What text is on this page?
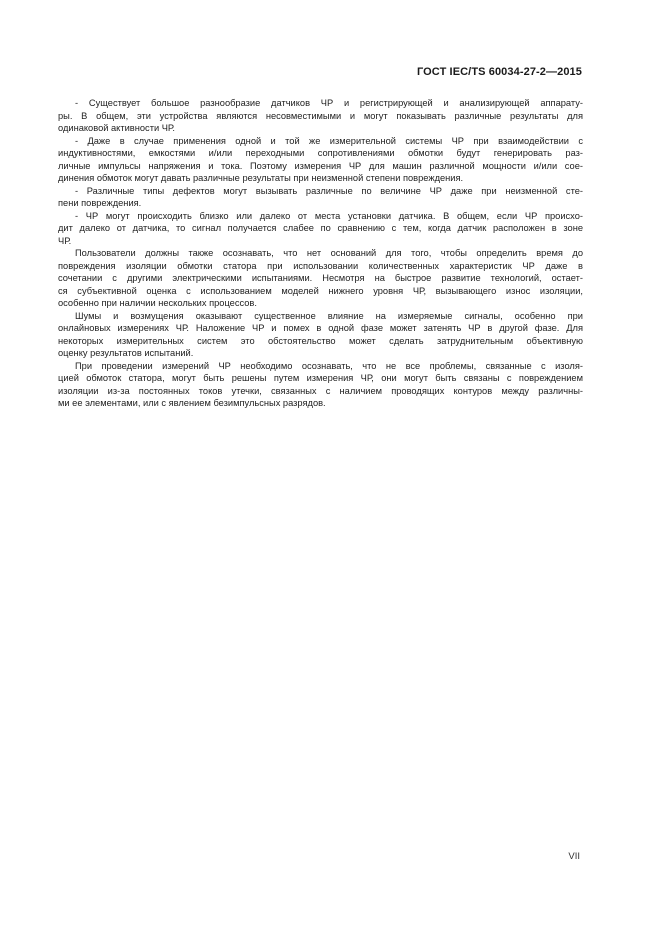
ГОСТ IEC/TS 60034-27-2—2015
- Существует большое разнообразие датчиков ЧР и регистрирующей и анализирующей аппарату-
ры. В общем, эти устройства являются несовместимыми и могут показывать различные результаты для
одинаковой активности ЧР.
- Даже в случае применения одной и той же измерительной системы ЧР при взаимодействии с
индуктивностями, емкостями и/или переходными сопротивлениями обмотки будут генерировать раз-
личные импульсы напряжения и тока. Поэтому измерения ЧР для машин различной мощности и/или сое-
динения обмоток могут давать различные результаты при неизменной степени повреждения.
- Различные типы дефектов могут вызывать различные по величине ЧР даже при неизменной сте-
пени повреждения.
- ЧР могут происходить близко или далеко от места установки датчика. В общем, если ЧР происхо-
дит далеко от датчика, то сигнал получается слабее по сравнению с тем, когда датчик расположен в зоне
ЧР.
Пользователи должны также осознавать, что нет оснований для того, чтобы определить время до
повреждения изоляции обмотки статора при использовании количественных характеристик ЧР даже в
сочетании с другими электрическими испытаниями. Несмотря на быстрое развитие технологий, остает-
ся субъективной оценка с использованием моделей нижнего уровня ЧР, вызывающего износ изоляции,
особенно при наличии нескольких процессов.
Шумы и возмущения оказывают существенное влияние на измеряемые сигналы, особенно при
онлайновых измерениях ЧР. Наложение ЧР и помех в одной фазе может затенять ЧР в другой фазе. Для
некоторых измерительных систем это обстоятельство может сделать затруднительным объективную
оценку результатов испытаний.
При проведении измерений ЧР необходимо осознавать, что не все проблемы, связанные с изоля-
цией обмоток статора, могут быть решены путем измерения ЧР, они могут быть связаны с повреждением
изоляции из-за постоянных токов утечки, связанных с наличием проводящих контуров между различны-
ми ее элементами, или с явлением безимпульсных разрядов.
VII
